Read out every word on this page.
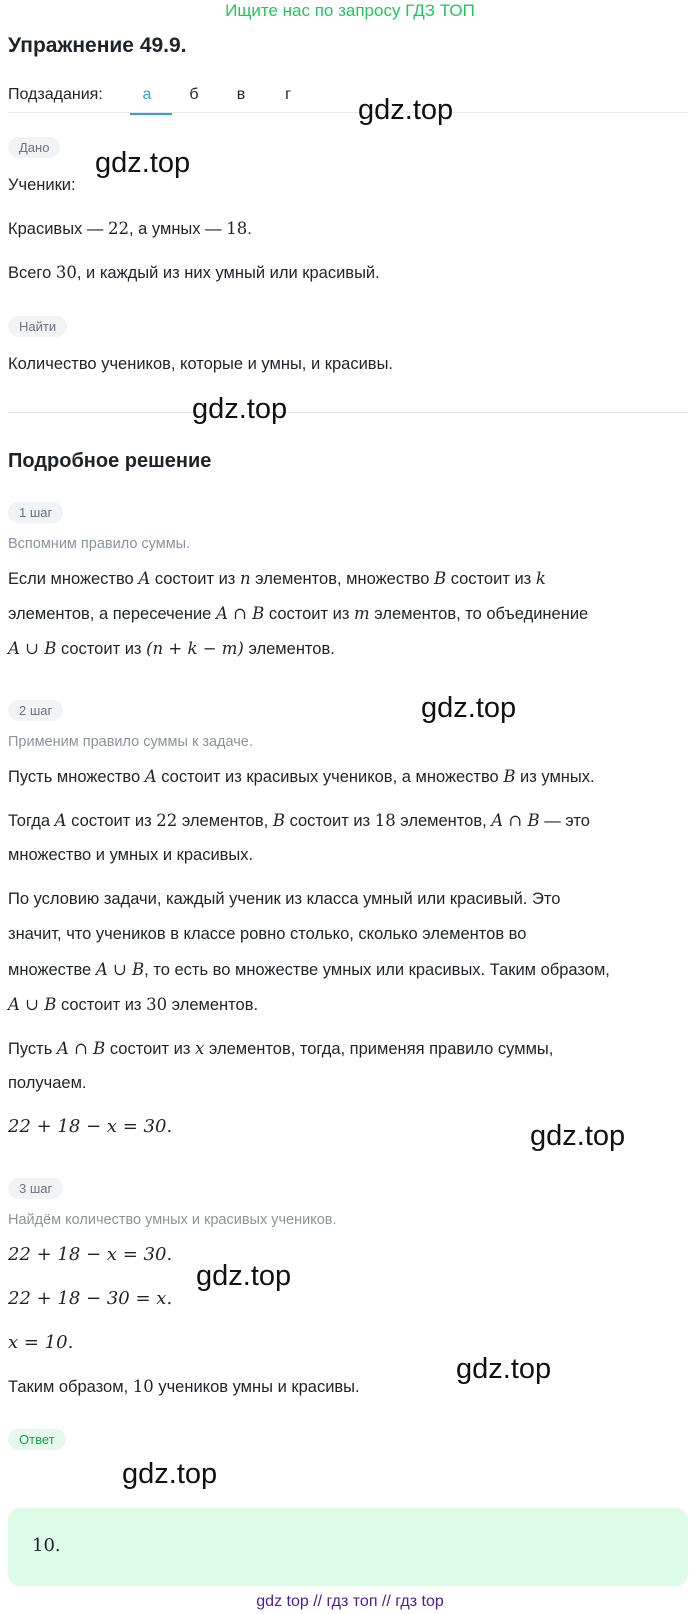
Ищите нас по запросу ГДЗ ТОП
Упражнение 49.9.
Подзадания:	а	б	в	г
Дано
Ученики:
Красивых — 22, а умных — 18.
Всего 30, и каждый из них умный или красивый.
Найти
Количество учеников, которые и умны, и красивы.
Подробное решение
1 шаг
Вспомним правило суммы.
Если множество A состоит из n элементов, множество B состоит из k
элементов, а пересечение A ∩ B состоит из m элементов, то объединение
A ∪ B состоит из (n + k − m) элементов.
2 шаг
Применим правило суммы к задаче.
Пусть множество A состоит из красивых учеников, а множество B из умных.
Тогда A состоит из 22 элементов, B состоит из 18 элементов, A ∩ B — это
множество и умных и красивых.
По условию задачи, каждый ученик из класса умный или красивый. Это
значит, что учеников в классе ровно столько, сколько элементов во
множестве A ∪ B, то есть во множестве умных или красивых. Таким образом,
A ∪ B состоит из 30 элементов.
Пусть A ∩ B состоит из x элементов, тогда, применяя правило суммы,
получаем.
22 + 18 − x = 30.
3 шаг
Найдём количество умных и красивых учеников.
22 + 18 − x = 30.
22 + 18 − 30 = x.
x = 10.
Таким образом, 10 учеников умны и красивы.
Ответ
10.
gdz.top
gdz.top
gdz.top
gdz.top
gdz.top
gdz.top
gdz.top
gdz.top
gdz top // гдз топ // гдз top
